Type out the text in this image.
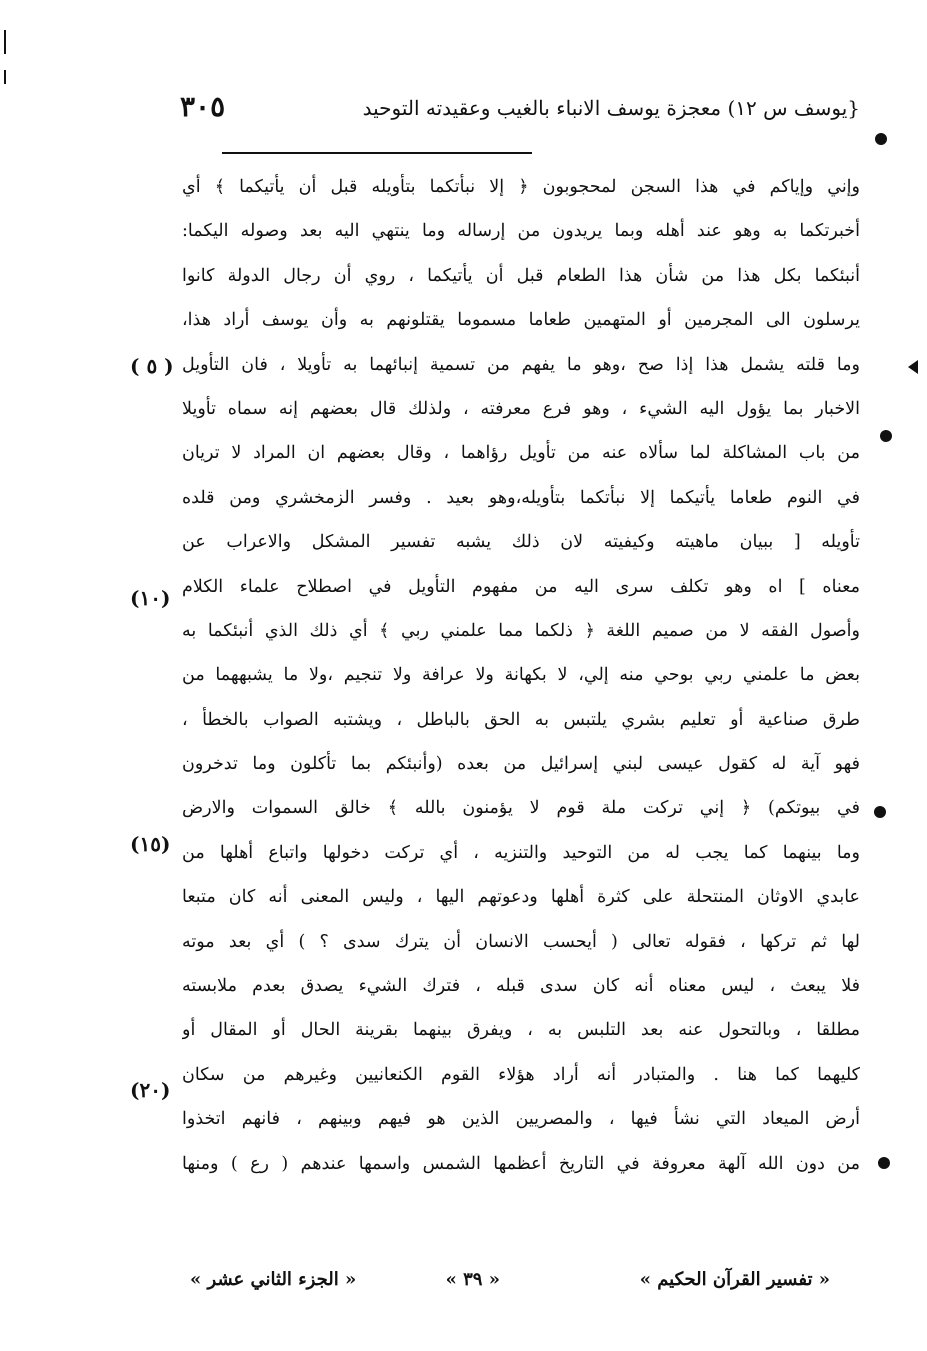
{يوسف س ١٢) معجزة يوسف الانباء بالغيب وعقيدته التوحيد
٣٠٥
وإني وإياكم في هذا السجن لمحجوبون ﴿ إلا نبأتكما بتأويله قبل أن يأتيكما ﴾ أي
أخبرتكما به وهو عند أهله وبما يريدون من إرساله وما ينتهي اليه بعد وصوله اليكما:
أنبئكما بكل هذا من شأن هذا الطعام قبل أن يأتيكما ، روي أن رجال الدولة كانوا
يرسلون الى المجرمين أو المتهمين طعاما مسموما يقتلونهم به وأن يوسف أراد هذا،
وما قلته يشمل هذا إذا صح ،وهو ما يفهم من تسمية إنبائهما به تأويلا ، فان التأويل
الاخبار بما يؤول اليه الشيء ، وهو فرع معرفته ، ولذلك قال بعضهم إنه سماه تأويلا
من باب المشاكلة لما سألاه عنه من تأويل رؤاهما ، وقال بعضهم ان المراد لا تريان
في النوم طعاما يأتيكما إلا نبأتكما بتأويله،وهو بعيد . وفسر الزمخشري ومن قلده
تأويله [ ببيان ماهيته وكيفيته لان ذلك يشبه تفسير المشكل والاعراب عن
معناه ] اه وهو تكلف سرى اليه من مفهوم التأويل في اصطلاح علماء الكلام
وأصول الفقه لا من صميم اللغة ﴿ ذلكما مما علمني ربي ﴾ أي ذلك الذي أنبئكما به
بعض ما علمني ربي بوحي منه إلي، لا بكهانة ولا عرافة ولا تنجيم ،ولا ما يشبههما من
طرق صناعية أو تعليم بشري يلتبس به الحق بالباطل ، ويشتبه الصواب بالخطأ ،
فهو آية له كقول عيسى لبني إسرائيل من بعده (وأنبئكم بما تأكلون وما تدخرون
في بيوتكم) ﴿ إني تركت ملة قوم لا يؤمنون بالله ﴾ خالق السموات والارض
وما بينهما كما يجب له من التوحيد والتنزيه ، أي تركت دخولها واتباع أهلها من
عابدي الاوثان المنتحلة على كثرة أهلها ودعوتهم اليها ، وليس المعنى أنه كان متبعا
لها ثم تركها ، فقوله تعالى ( أيحسب الانسان أن يترك سدى ؟ ) أي بعد موته
فلا يبعث ، ليس معناه أنه كان سدى قبله ، فترك الشيء يصدق بعدم ملابسته
مطلقا ، وبالتحول عنه بعد التلبس به ، ويفرق بينهما بقرينة الحال أو المقال أو
كليهما كما هنا . والمتبادر أنه أراد هؤلاء القوم الكنعانيين وغيرهم من سكان
أرض الميعاد التي نشأ فيها ، والمصريين الذين هو فيهم وبينهم ، فانهم اتخذوا
من دون الله آلهة معروفة في التاريخ أعظمها الشمس واسمها عندهم ( رع ) ومنها
( ٥ )
(١٠)
(١٥)
(٢٠)
« تفسير القرآن الحكيم »
« ٣٩ »
« الجزء الثاني عشر »
